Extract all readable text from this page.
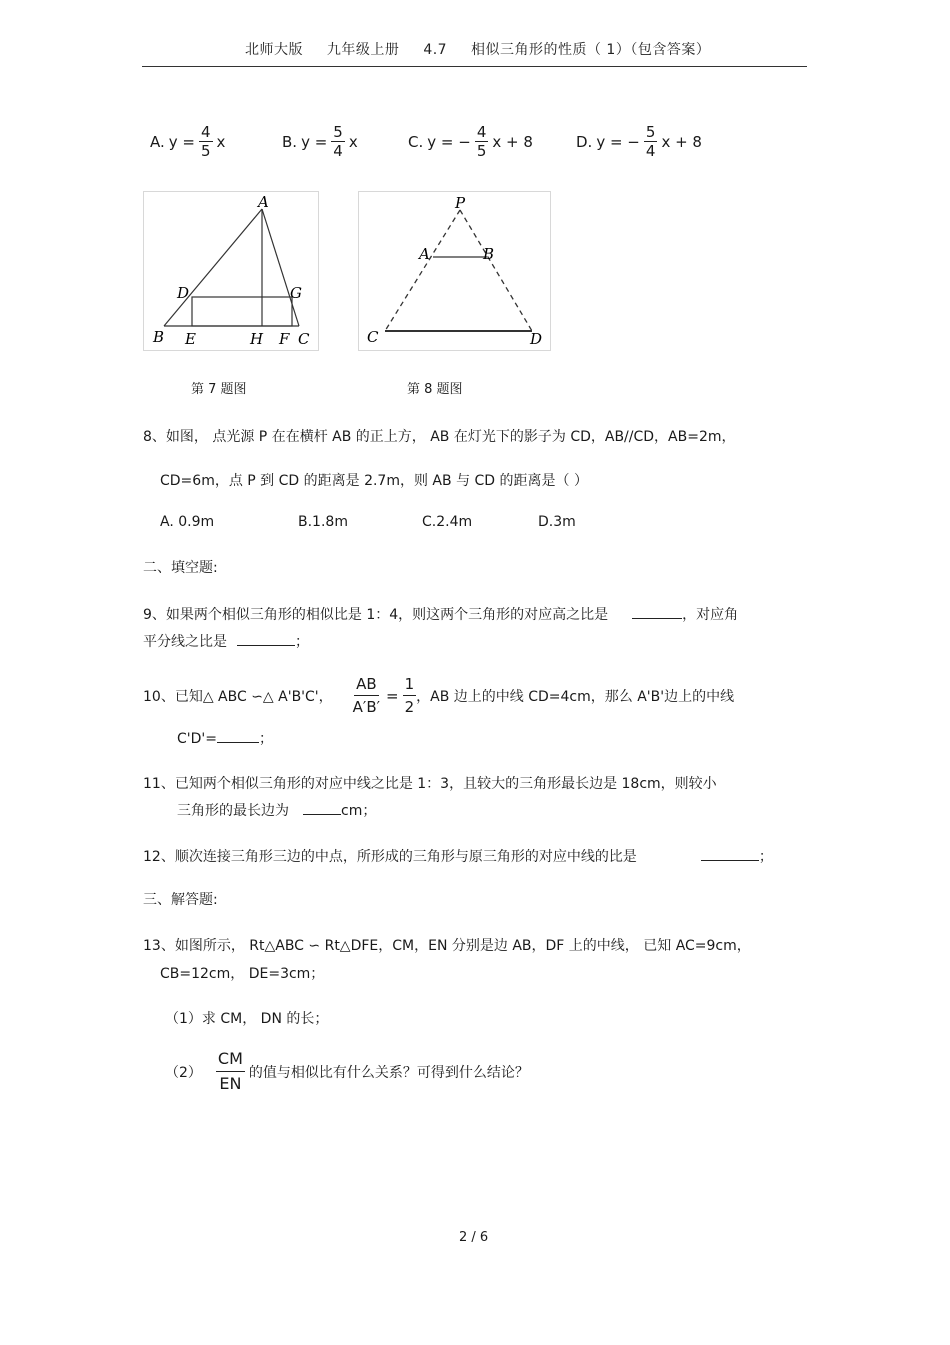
北师大版 九年级上册 4.7 相似三角形的性质（ 1）（包含答案）
A. $y = \frac{4}{5}$ x	B. $y = \frac{5}{4}$ x	C. y = − $\frac{4}{5}$ x + 8	D. y = − $\frac{5}{4}$ x + 8
A
B	C
D
E	F
G
H
P
A	B
C	D
第 7 题图	第 8 题图
8、如图， 点光源 P 在在横杆 AB 的正上方， AB 在灯光下的影子为 CD，AB//CD，AB=2m，
CD=6m，点 P 到 CD 的距离是 2.7m，则 AB 与 CD 的距离是（ ）
A. 0.9m	B.1.8m	C.2.4m	D.3m
二、填空题:
9、如果两个相似三角形的相似比是 1：4，则这两个三角形的对应高之比是	，对应角
平分线之比是	；
10、已知△ ABC ∽△ A'B'C'， $\frac{AB}{A'B'} = \frac{1}{2}$ ，AB 边上的中线 CD=4cm，那么 A'B'边上的中线
C'D'=	；
11、已知两个相似三角形的对应中线之比是 1：3，且较大的三角形最长边是 18cm，则较小
三角形的最长边为	cm；
12、顺次连接三角形三边的中点，所形成的三角形与原三角形的对应中线的比是	；
三、解答题:
13、如图所示， Rt△ABC ∽ Rt△DFE，CM，EN 分别是边 AB，DF 上的中线， 已知 AC=9cm，
CB=12cm， DE=3cm；
（1）求 CM， DN 的长；
$(2) \frac{CM}{EN}$ 的值与相似比有什么关系？可得到什么结论？
2 / 6
